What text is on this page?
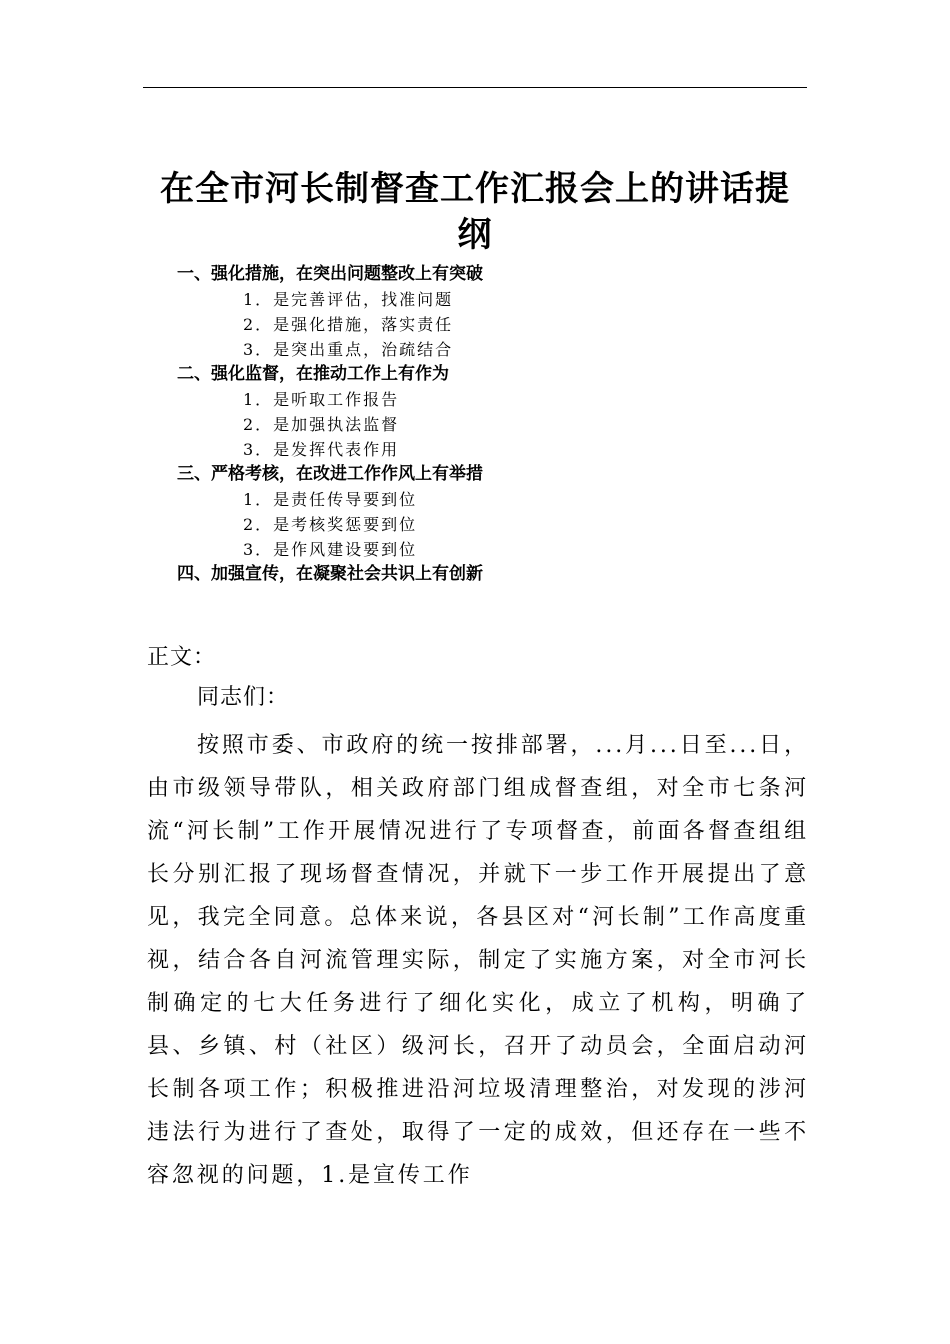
在全市河长制督查工作汇报会上的讲话提纲
一、强化措施，在突出问题整改上有突破
1．是完善评估，找准问题
2．是强化措施，落实责任
3．是突出重点，治疏结合
二、强化监督，在推动工作上有作为
1．是听取工作报告
2．是加强执法监督
3．是发挥代表作用
三、严格考核，在改进工作作风上有举措
1．是责任传导要到位
2．是考核奖惩要到位
3．是作风建设要到位
四、加强宣传，在凝聚社会共识上有创新
正文：
同志们：

按照市委、市政府的统一按排部署，...月...日至...日，由市级领导带队，相关政府部门组成督查组，对全市七条河流“河长制”工作开展情况进行了专项督查，前面各督查组组长分别汇报了现场督查情况，并就下一步工作开展提出了意见，我完全同意。总体来说，各县区对“河长制”工作高度重视，结合各自河流管理实际，制定了实施方案，对全市河长制确定的七大任务进行了细化实化，成立了机构，明确了县、乡镇、村（社区）级河长，召开了动员会，全面启动河长制各项工作；积极推进沿河垃圾清理整治，对发现的涉河违法行为进行了查处，取得了一定的成效，但还存在一些不容忽视的问题，1.是宣传工作
